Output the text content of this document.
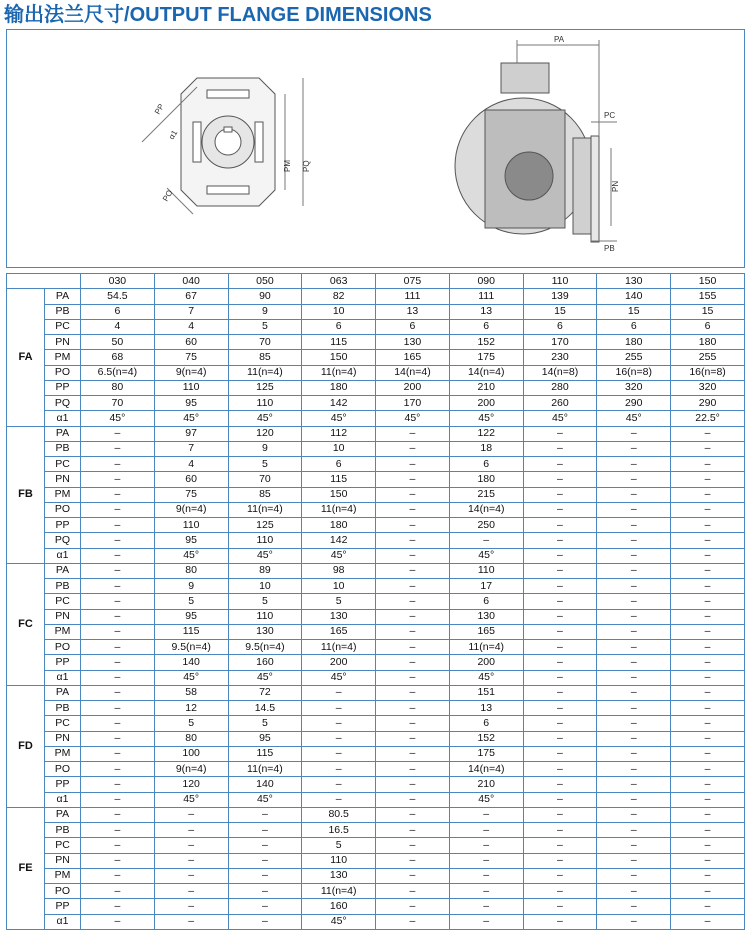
输出法兰尺寸/OUTPUT FLANGE DIMENSIONS
PP
α1
PM PQ
PO
PA
PC
PN
PB
		030	040	050	063	075	090	110	130	150
FA	PA	54.5	67	90	82	111	111	139	140	155
	PB	6	7	9	10	13	13	15	15	15
	PC	4	4	5	6	6	6	6	6	6
	PN	50	60	70	115	130	152	170	180	180
	PM	68	75	85	150	165	175	230	255	255
	PO	6.5(n=4)	9(n=4)	11(n=4)	11(n=4)	14(n=4)	14(n=4)	14(n=8)	16(n=8)	16(n=8)
	PP	80	110	125	180	200	210	280	320	320
	PQ	70	95	110	142	170	200	260	290	290
	α1	45°	45°	45°	45°	45°	45°	45°	45°	22.5°
FB	PA	–	97	120	112	–	122	–	–	–
	PB	–	7	9	10	–	18	–	–	–
	PC	–	4	5	6	–	6	–	–	–
	PN	–	60	70	115	–	180	–	–	–
	PM	–	75	85	150	–	215	–	–	–
	PO	–	9(n=4)	11(n=4)	11(n=4)	–	14(n=4)	–	–	–
	PP	–	110	125	180	–	250	–	–	–
	PQ	–	95	110	142	–	–	–	–	–
	α1	–	45°	45°	45°	–	45°	–	–	–
FC	PA	–	80	89	98	–	110	–	–	–
	PB	–	9	10	10	–	17	–	–	–
	PC	–	5	5	5	–	6	–	–	–
	PN	–	95	110	130	–	130	–	–	–
	PM	–	115	130	165	–	165	–	–	–
	PO	–	9.5(n=4)	9.5(n=4)	11(n=4)	–	11(n=4)	–	–	–
	PP	–	140	160	200	–	200	–	–	–
	α1	–	45°	45°	45°	–	45°	–	–	–
FD	PA	–	58	72	–	–	151	–	–	–
	PB	–	12	14.5	–	–	13	–	–	–
	PC	–	5	5	–	–	6	–	–	–
	PN	–	80	95	–	–	152	–	–	–
	PM	–	100	115	–	–	175	–	–	–
	PO	–	9(n=4)	11(n=4)	–	–	14(n=4)	–	–	–
	PP	–	120	140	–	–	210	–	–	–
	α1	–	45°	45°	–	–	45°	–	–	–
FE	PA	–	–	–	80.5	–	–	–	–	–
	PB	–	–	–	16.5	–	–	–	–	–
	PC	–	–	–	5	–	–	–	–	–
	PN	–	–	–	110	–	–	–	–	–
	PM	–	–	–	130	–	–	–	–	–
	PO	–	–	–	11(n=4)	–	–	–	–	–
	PP	–	–	–	160	–	–	–	–	–
	α1	–	–	–	45°	–	–	–	–	–
